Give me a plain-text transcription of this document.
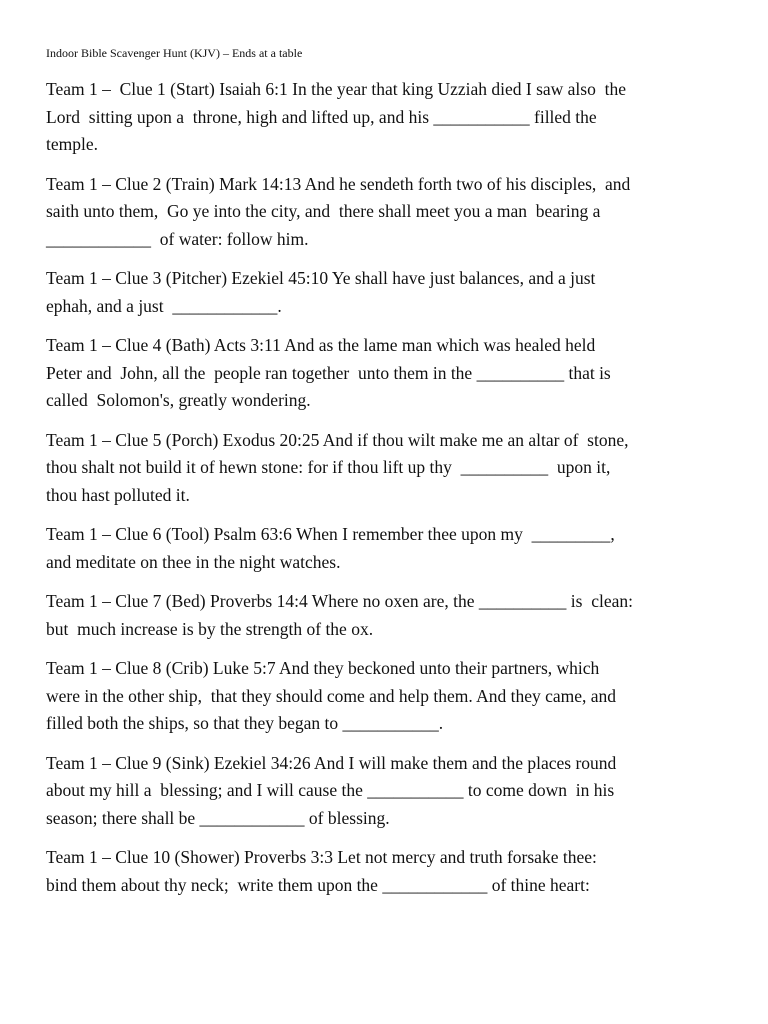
Indoor Bible Scavenger Hunt (KJV) – Ends at a table

Team 1 –  Clue 1 (Start) Isaiah 6:1 In the year that king Uzziah died I saw also  the
Lord  sitting upon a  throne, high and lifted up, and his ___________ filled the
temple.

Team 1 – Clue 2 (Train) Mark 14:13 And he sendeth forth two of his disciples,  and
saith unto them,  Go ye into the city, and  there shall meet you a man  bearing a
____________  of water: follow him.

Team 1 – Clue 3 (Pitcher) Ezekiel 45:10 Ye shall have just balances, and a just
ephah, and a just  ____________.

Team 1 – Clue 4 (Bath) Acts 3:11 And as the lame man which was healed held
Peter and  John, all the  people ran together  unto them in the __________ that is
called  Solomon's, greatly wondering.

Team 1 – Clue 5 (Porch) Exodus 20:25 And if thou wilt make me an altar of  stone,
thou shalt not build it of hewn stone: for if thou lift up thy  __________  upon it,
thou hast polluted it.

Team 1 – Clue 6 (Tool) Psalm 63:6 When I remember thee upon my  _________,
and meditate on thee in the night watches.

Team 1 – Clue 7 (Bed) Proverbs 14:4 Where no oxen are, the __________ is  clean:
but  much increase is by the strength of the ox.

Team 1 – Clue 8 (Crib) Luke 5:7 And they beckoned unto their partners, which
were in the other ship,  that they should come and help them. And they came, and
filled both the ships, so that they began to ___________.

Team 1 – Clue 9 (Sink) Ezekiel 34:26 And I will make them and the places round
about my hill a  blessing; and I will cause the ___________ to come down  in his
season; there shall be ____________ of blessing.

Team 1 – Clue 10 (Shower) Proverbs 3:3 Let not mercy and truth forsake thee:
bind them about thy neck;  write them upon the ____________ of thine heart:
